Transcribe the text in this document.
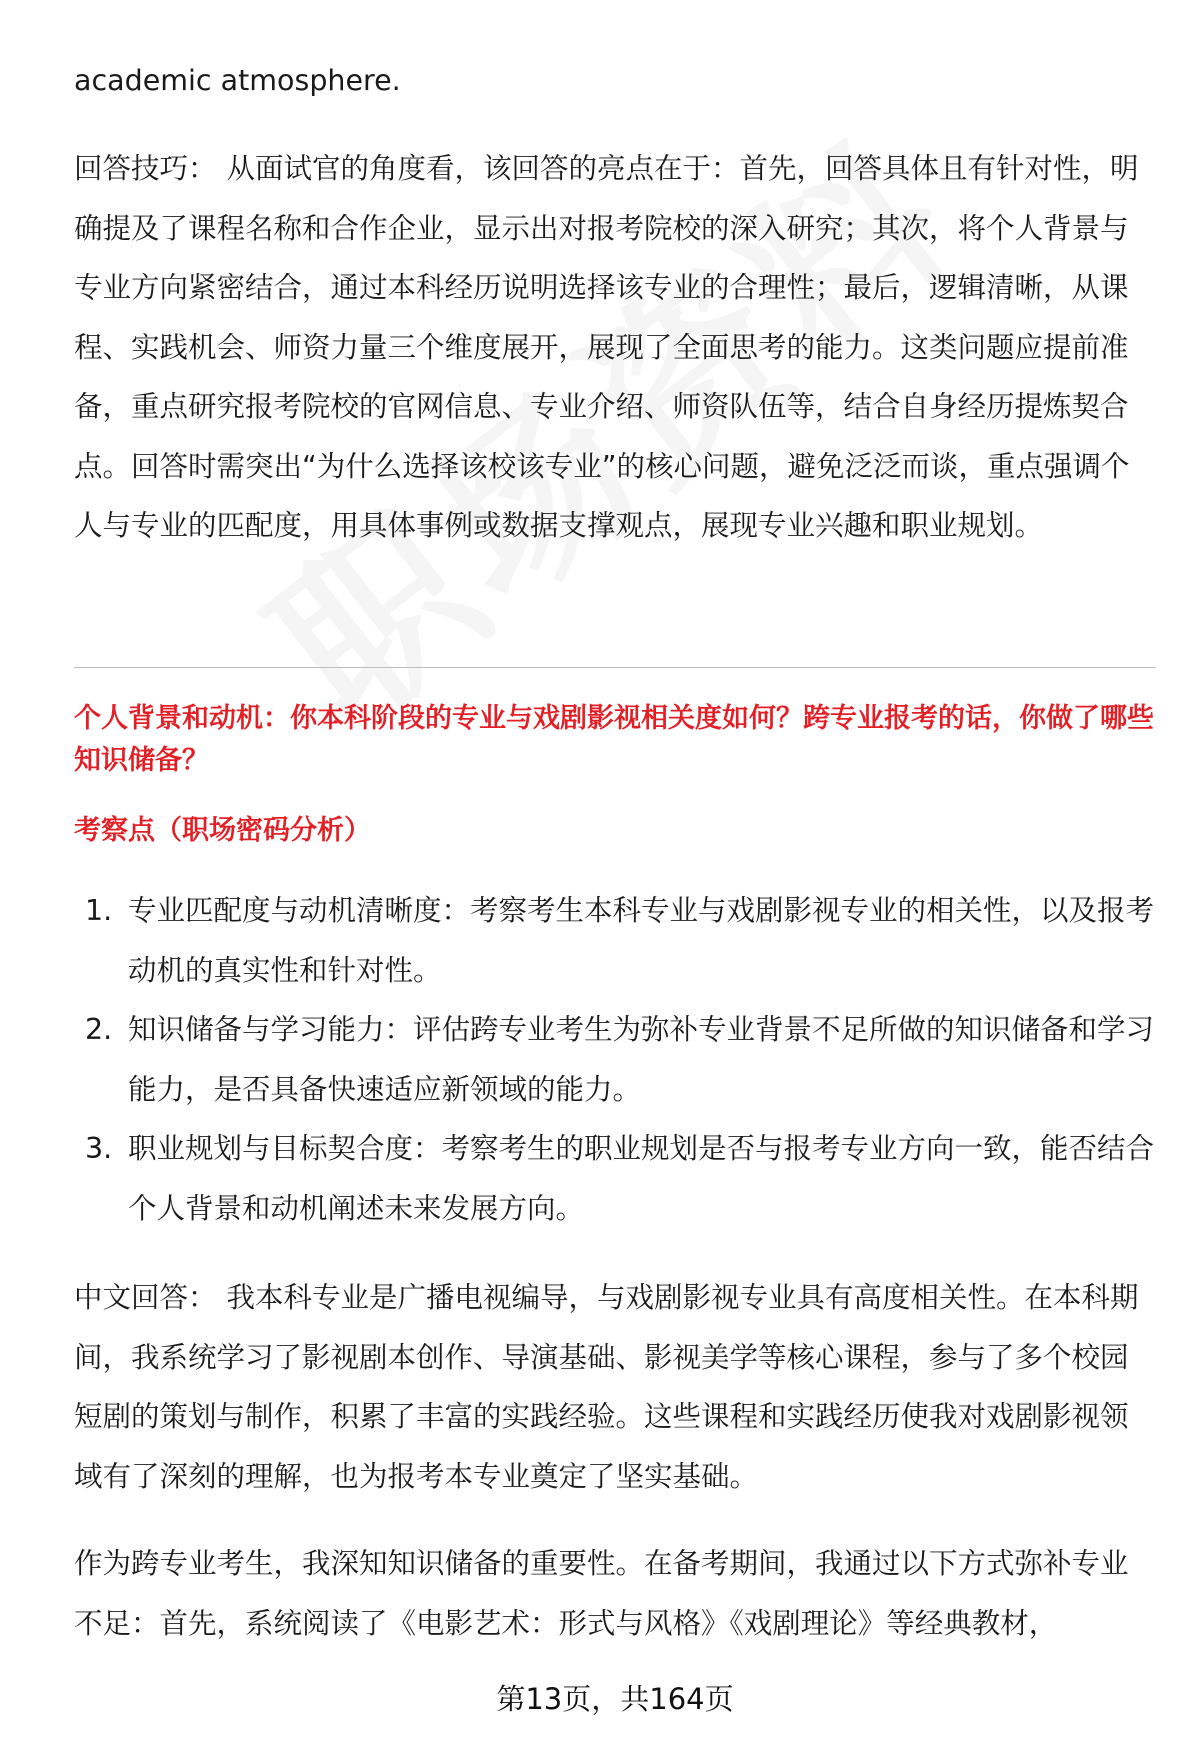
academic atmosphere.

回答技巧： 从面试官的角度看，该回答的亮点在于：首先，回答具体且有针对性，明确提及了课程名称和合作企业，显示出对报考院校的深入研究；其次，将个人背景与专业方向紧密结合，通过本科经历说明选择该专业的合理性；最后，逻辑清晰，从课程、实践机会、师资力量三个维度展开，展现了全面思考的能力。这类问题应提前准备，重点研究报考院校的官网信息、专业介绍、师资队伍等，结合自身经历提炼契合点。回答时需突出“为什么选择该校该专业”的核心问题，避免泛泛而谈，重点强调个人与专业的匹配度，用具体事例或数据支撑观点，展现专业兴趣和职业规划。

个人背景和动机：你本科阶段的专业与戏剧影视相关度如何？跨专业报考的话，你做了哪些知识储备？

考察点（职场密码分析）

1. 专业匹配度与动机清晰度：考察考生本科专业与戏剧影视专业的相关性，以及报考动机的真实性和针对性。
2. 知识储备与学习能力：评估跨专业考生为弥补专业背景不足所做的知识储备和学习能力，是否具备快速适应新领域的能力。
3. 职业规划与目标契合度：考察考生的职业规划是否与报考专业方向一致，能否结合个人背景和动机阐述未来发展方向。

中文回答： 我本科专业是广播电视编导，与戏剧影视专业具有高度相关性。在本科期间，我系统学习了影视剧本创作、导演基础、影视美学等核心课程，参与了多个校园短剧的策划与制作，积累了丰富的实践经验。这些课程和实践经历使我对戏剧影视领域有了深刻的理解，也为报考本专业奠定了坚实基础。

作为跨专业考生，我深知知识储备的重要性。在备考期间，我通过以下方式弥补专业不足：首先，系统阅读了《电影艺术：形式与风格》《戏剧理论》等经典教材，

第13页，共164页
